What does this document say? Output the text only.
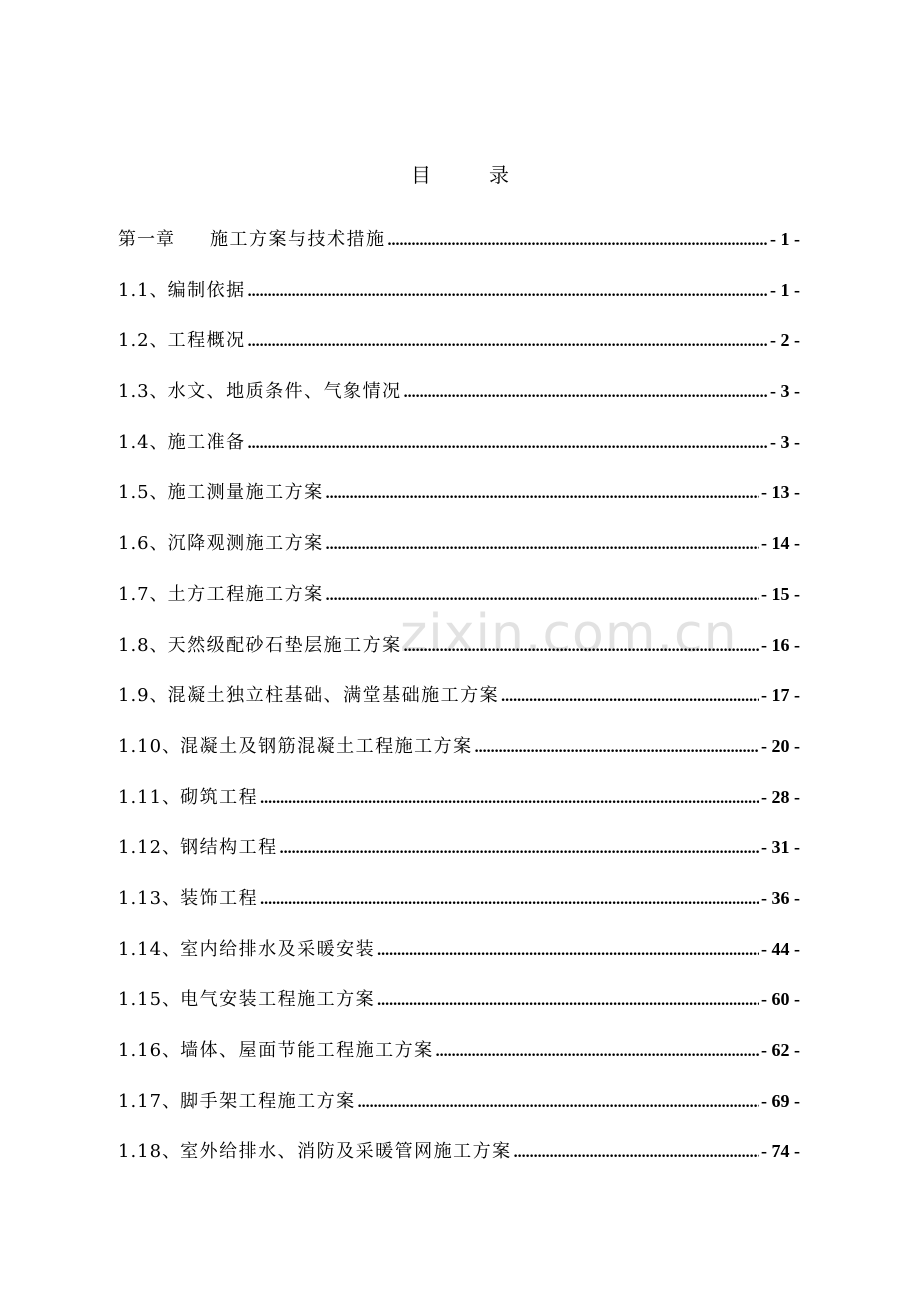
zixin.com.cn
目	录
第一章 施工方案与技术措施 .....	- 1 -
1.1 、 编制依据 .....	- 1 -
1.2 、 工程概况 .....	- 2 -
1.3 、 水文、地质条件、气象情况 .....	- 3 -
1.4 、 施工准备 .....	- 3 -
1.5 、 施工测量施工方案 .....	- 13 -
1.6 、 沉降观测施工方案 .....	- 14 -
1.7 、 土方工程施工方案 .....	- 15 -
1.8 、 天然级配砂石垫层施工方案 .....	- 16 -
1.9 、 混凝土独立柱基础、满堂基础施工方案 .....	- 17 -
1.10 、 混凝土及钢筋混凝土工程施工方案 .....	- 20 -
1.11 、 砌筑工程 .....	- 28 -
1.12 、 钢结构工程 .....	- 31 -
1.13 、 装饰工程 .....	- 36 -
1.14 、 室内给排水及采暖安装 .....	- 44 -
1.15 、 电气安装工程施工方案 .....	- 60 -
1.16 、 墙体、屋面节能工程施工方案 .....	- 62 -
1.17 、 脚手架工程施工方案 .....	- 69 -
1.18 、 室外给排水、消防及采暖管网施工方案 .....	- 74 -
